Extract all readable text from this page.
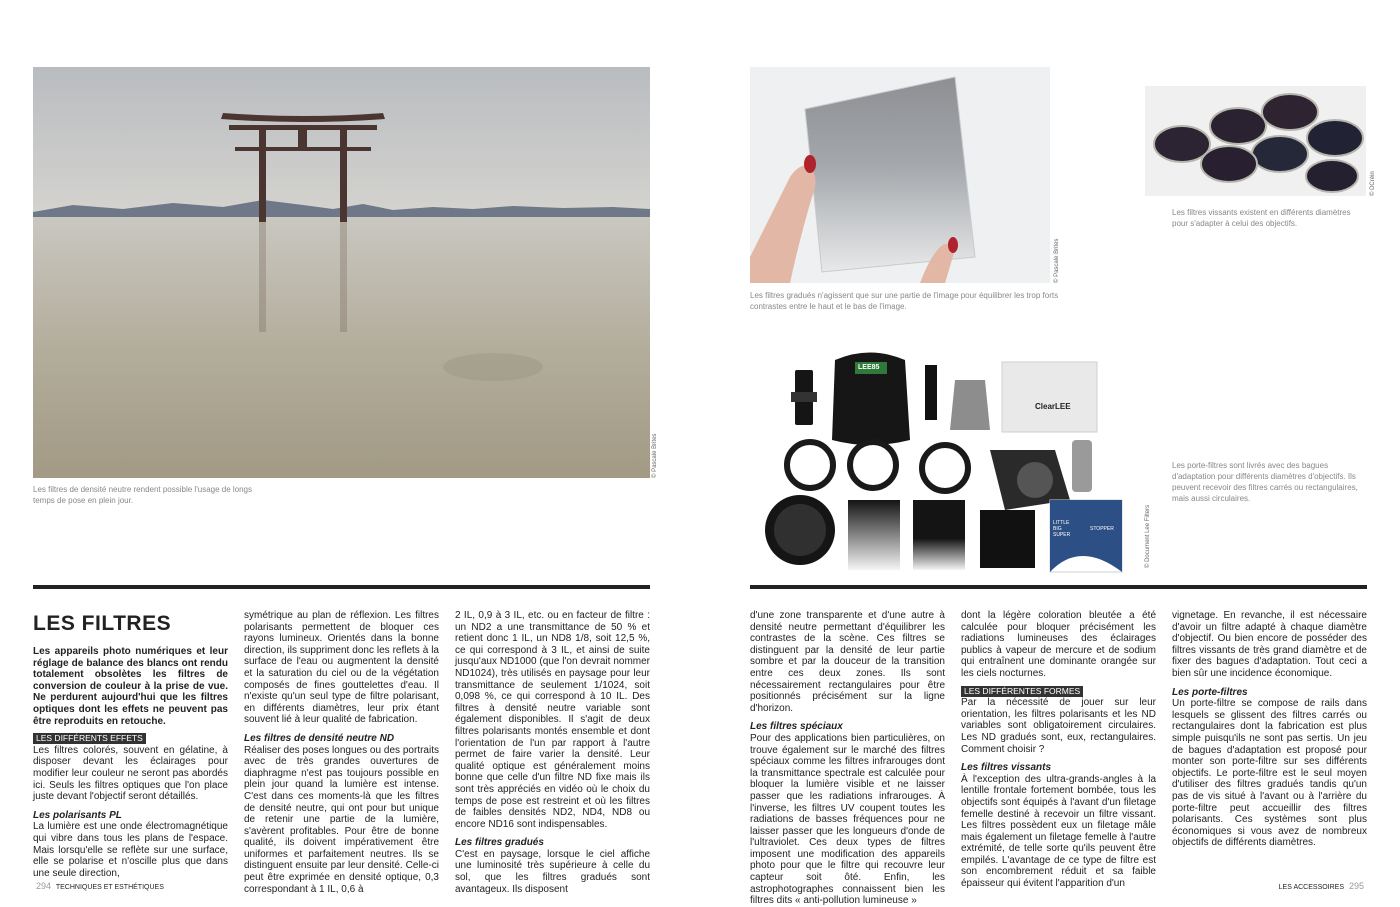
© Pascale Brites
Les filtres de densité neutre rendent possible l'usage de longs temps de pose en plein jour.
© Pascale Brites
Les filtres gradués n'agissent que sur une partie de l'image pour équilibrer les trop forts contrastes entre le haut et le bas de l'image.
© DCréin
Les filtres vissants existent en différents diamètres pour s'adapter à celui des objectifs.
LEE85
ClearLEE
LITTLE
BIG
SUPER
STOPPER
LEE Filters	© Document Lee Filters
Les porte-filtres sont livrés avec des bagues d'adaptation pour différents diamètres d'objectifs. Ils peuvent recevoir des filtres carrés ou rectangulaires, mais aussi circulaires.
LES FILTRES

Les appareils photo numériques et leur réglage de balance des blancs ont rendu totalement obsolètes les filtres de conversion de couleur à la prise de vue. Ne perdurent aujourd'hui que les filtres optiques dont les effets ne peuvent pas être reproduits en retouche.

LES DIFFÉRENTS EFFETS

Les filtres colorés, souvent en gélatine, à disposer devant les éclairages pour modifier leur couleur ne seront pas abordés ici. Seuls les filtres optiques que l'on place juste devant l'objectif seront détaillés.

Les polarisants PL

La lumière est une onde électromagnétique qui vibre dans tous les plans de l'espace. Mais lorsqu'elle se reflète sur une surface, elle se polarise et n'oscille plus que dans une seule direction,

symétrique au plan de réflexion. Les filtres polarisants permettent de bloquer ces rayons lumineux. Orientés dans la bonne direction, ils suppriment donc les reflets à la surface de l'eau ou augmentent la densité et la saturation du ciel ou de la végétation composés de fines gouttelettes d'eau. Il n'existe qu'un seul type de filtre polarisant, en différents diamètres, leur prix étant souvent lié à leur qualité de fabrication.

Les filtres de densité neutre ND

Réaliser des poses longues ou des portraits avec de très grandes ouvertures de diaphragme n'est pas toujours possible en plein jour quand la lumière est intense. C'est dans ces moments-là que les filtres de densité neutre, qui ont pour but unique de retenir une partie de la lumière, s'avèrent profitables. Pour être de bonne qualité, ils doivent impérativement être uniformes et parfaitement neutres. Ils se distinguent ensuite par leur densité. Celle-ci peut être exprimée en densité optique, 0,3 correspondant à 1 IL, 0,6 à

2 IL, 0,9 à 3 IL, etc. ou en facteur de filtre : un ND2 a une transmittance de 50 % et retient donc 1 IL, un ND8 1/8, soit 12,5 %, ce qui correspond à 3 IL, et ainsi de suite jusqu'aux ND1000 (que l'on devrait nommer ND1024), très utilisés en paysage pour leur transmittance de seulement 1/1024, soit 0,098 %, ce qui correspond à 10 IL. Des filtres à densité neutre variable sont également disponibles. Il s'agit de deux filtres polarisants montés ensemble et dont l'orientation de l'un par rapport à l'autre permet de faire varier la densité. Leur qualité optique est généralement moins bonne que celle d'un filtre ND fixe mais ils sont très appréciés en vidéo où le choix du temps de pose est restreint et où les filtres de faibles densités ND2, ND4, ND8 ou encore ND16 sont indispensables.

Les filtres gradués

C'est en paysage, lorsque le ciel affiche une luminosité très supérieure à celle du sol, que les filtres gradués sont avantageux. Ils disposent

d'une zone transparente et d'une autre à densité neutre permettant d'équilibrer les contrastes de la scène. Ces filtres se distinguent par la densité de leur partie sombre et par la douceur de la transition entre ces deux zones. Ils sont nécessairement rectangulaires pour être positionnés précisément sur la ligne d'horizon.

Les filtres spéciaux

Pour des applications bien particulières, on trouve également sur le marché des filtres spéciaux comme les filtres infrarouges dont la transmittance spectrale est calculée pour bloquer la lumière visible et ne laisser passer que les radiations infrarouges. À l'inverse, les filtres UV coupent toutes les radiations de basses fréquences pour ne laisser passer que les longueurs d'onde de l'ultraviolet. Ces deux types de filtres imposent une modification des appareils photo pour que le filtre qui recouvre leur capteur soit ôté. Enfin, les astrophotographes connaissent bien les filtres dits « anti-pollution lumineuse »

dont la légère coloration bleutée a été calculée pour bloquer précisément les radiations lumineuses des éclairages publics à vapeur de mercure et de sodium qui entraînent une dominante orangée sur les ciels nocturnes.

LES DIFFÉRENTES FORMES

Par la nécessité de jouer sur leur orientation, les filtres polarisants et les ND variables sont obligatoirement circulaires. Les ND gradués sont, eux, rectangulaires. Comment choisir ?

Les filtres vissants

À l'exception des ultra-grands-angles à la lentille frontale fortement bombée, tous les objectifs sont équipés à l'avant d'un filetage femelle destiné à recevoir un filtre vissant. Les filtres possèdent eux un filetage mâle mais également un filetage femelle à l'autre extrémité, de telle sorte qu'ils peuvent être empilés. L'avantage de ce type de filtre est son encombrement réduit et sa faible épaisseur qui évitent l'apparition d'un

vignetage. En revanche, il est nécessaire d'avoir un filtre adapté à chaque diamètre d'objectif. Ou bien encore de posséder des filtres vissants de très grand diamètre et de fixer des bagues d'adaptation. Tout ceci a bien sûr une incidence économique.

Les porte-filtres

Un porte-filtre se compose de rails dans lesquels se glissent des filtres carrés ou rectangulaires dont la fabrication est plus simple puisqu'ils ne sont pas sertis. Un jeu de bagues d'adaptation est proposé pour monter son porte-filtre sur ses différents objectifs. Le porte-filtre est le seul moyen d'utiliser des filtres gradués tandis qu'un pas de vis situé à l'avant ou à l'arrière du porte-filtre peut accueillir des filtres polarisants. Ces systèmes sont plus économiques si vous avez de nombreux objectifs de différents diamètres.

294 TECHNIQUES ET ESTHÉTIQUES	LES ACCESSOIRES 295
